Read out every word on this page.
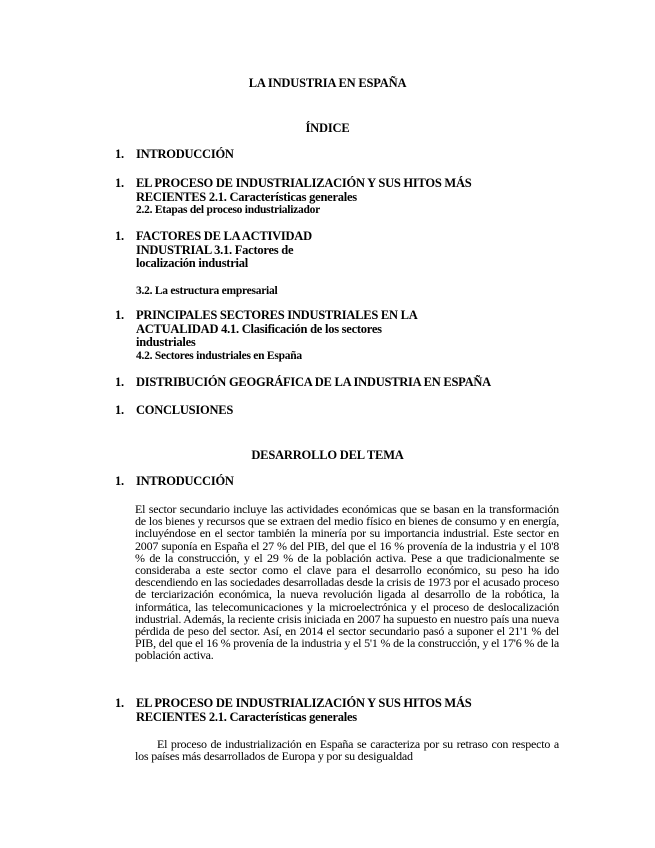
LA INDUSTRIA EN ESPAÑA
ÍNDICE
1. INTRODUCCIÓN
1. EL PROCESO DE INDUSTRIALIZACIÓN Y SUS HITOS MÁS RECIENTES 2.1. Características generales
2.2. Etapas del proceso industrializador
1. FACTORES DE LA ACTIVIDAD INDUSTRIAL 3.1. Factores de localización industrial
3.2. La estructura empresarial
1. PRINCIPALES SECTORES INDUSTRIALES EN LA ACTUALIDAD 4.1. Clasificación de los sectores industriales
4.2. Sectores industriales en España
1. DISTRIBUCIÓN GEOGRÁFICA DE LA INDUSTRIA EN ESPAÑA
1. CONCLUSIONES
DESARROLLO DEL TEMA
1. INTRODUCCIÓN

El sector secundario incluye las actividades económicas que se basan en la transformación de los bienes y recursos que se extraen del medio físico en bienes de consumo y en energía, incluyéndose en el sector también la minería por su importancia industrial. Este sector en 2007 suponía en España el 27 % del PIB, del que el 16 % provenía de la industria y el 10'8 % de la construcción, y el 29 % de la población activa. Pese a que tradicionalmente se consideraba a este sector como el clave para el desarrollo económico, su peso ha ido descendiendo en las sociedades desarrolladas desde la crisis de 1973 por el acusado proceso de terciarización económica, la nueva revolución ligada al desarrollo de la robótica, la informática, las telecomunicaciones y la microelectrónica y el proceso de deslocalización industrial. Además, la reciente crisis iniciada en 2007 ha supuesto en nuestro país una nueva pérdida de peso del sector. Así, en 2014 el sector secundario pasó a suponer el 21'1 % del PIB, del que el 16 % provenía de la industria y el 5'1 % de la construcción, y el 17'6 % de la población activa.

1. EL PROCESO DE INDUSTRIALIZACIÓN Y SUS HITOS MÁS RECIENTES 2.1. Características generales

El proceso de industrialización en España se caracteriza por su retraso con respecto a los países más desarrollados de Europa y por su desigualdad
